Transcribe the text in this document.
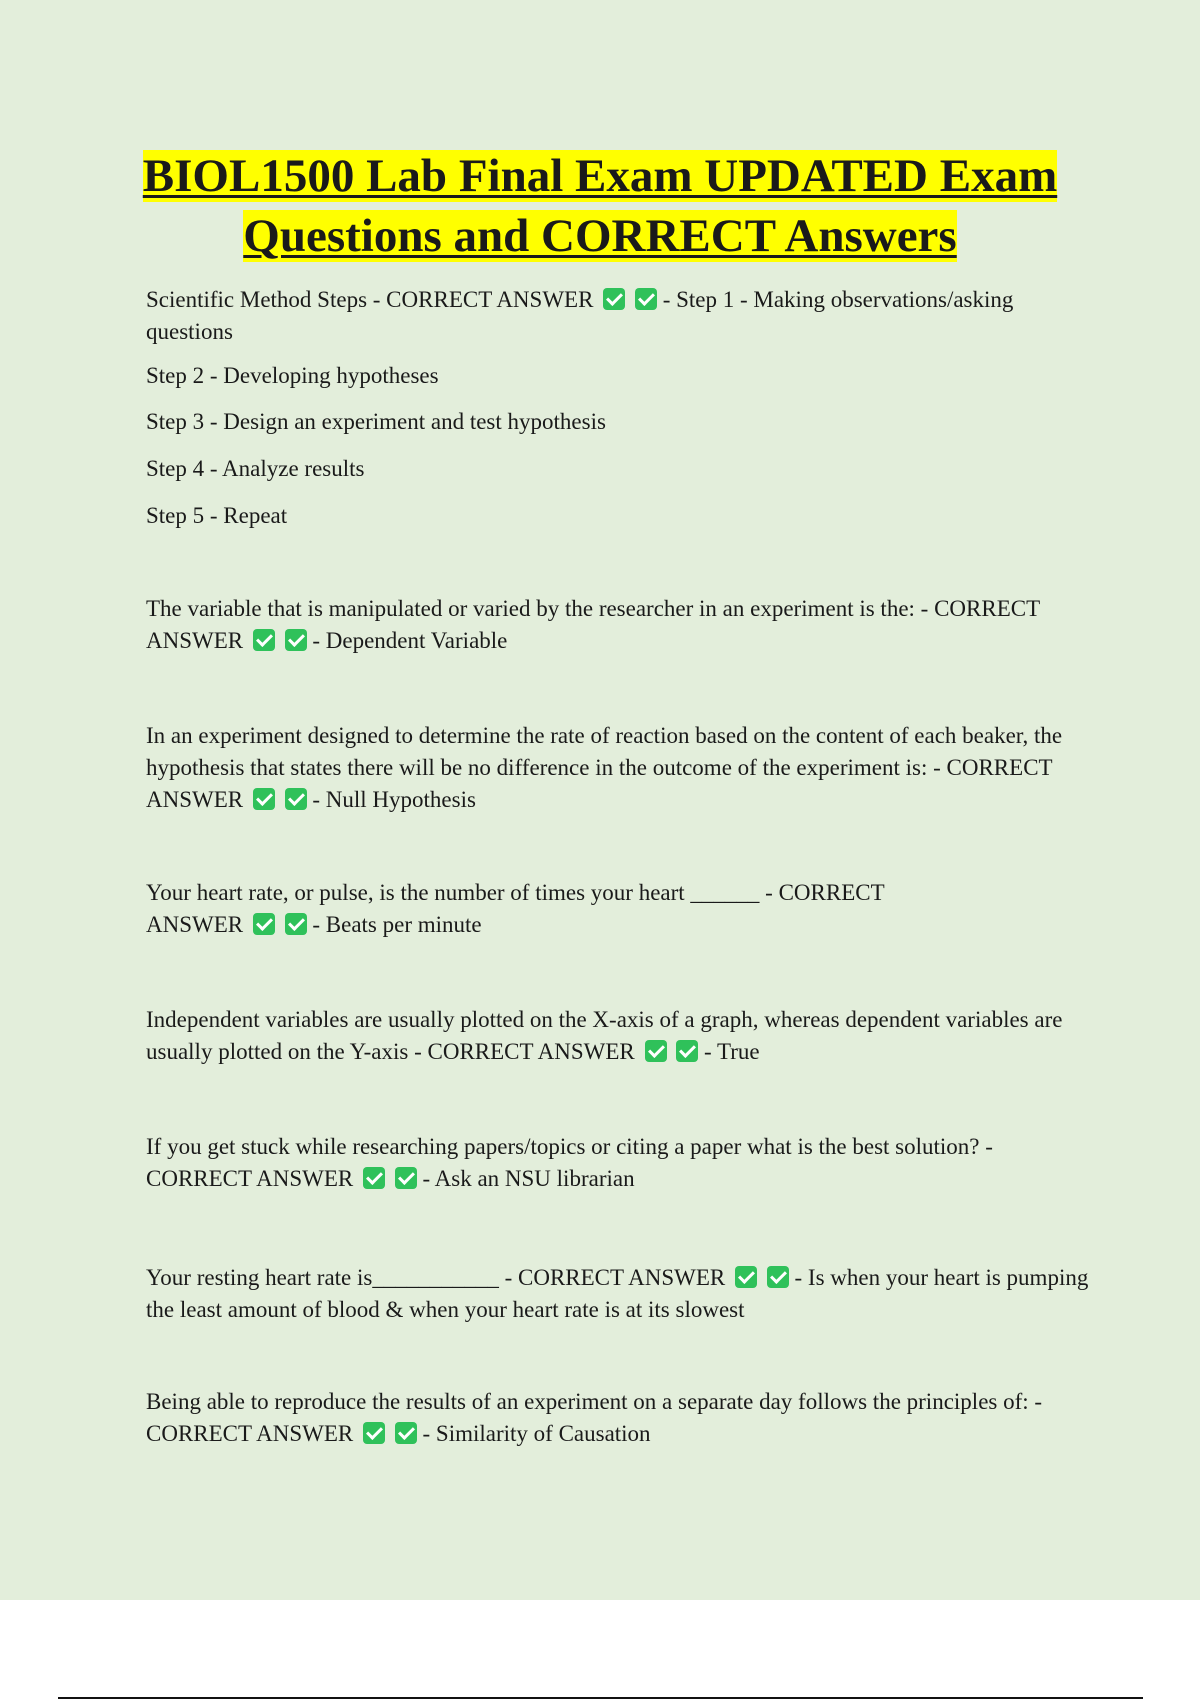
BIOL1500 Lab Final Exam UPDATED Exam Questions and CORRECT Answers

Scientific Method Steps - CORRECT ANSWER	- Step 1 - Making observations/asking questions

Step 2 - Developing hypotheses

Step 3 - Design an experiment and test hypothesis

Step 4 - Analyze results

Step 5 - Repeat

The variable that is manipulated or varied by the researcher in an experiment is the: - CORRECT ANSWER	- Dependent Variable

In an experiment designed to determine the rate of reaction based on the content of each beaker, the hypothesis that states there will be no difference in the outcome of the experiment is: - CORRECT ANSWER	- Null Hypothesis

Your heart rate, or pulse, is the number of times your heart ______ - CORRECT ANSWER	- Beats per minute

Independent variables are usually plotted on the X-axis of a graph, whereas dependent variables are usually plotted on the Y-axis - CORRECT ANSWER	- True

If you get stuck while researching papers/topics or citing a paper what is the best solution? - CORRECT ANSWER	- Ask an NSU librarian

Your resting heart rate is___________ - CORRECT ANSWER	- Is when your heart is pumping the least amount of blood & when your heart rate is at its slowest

Being able to reproduce the results of an experiment on a separate day follows the principles of: - CORRECT ANSWER	- Similarity of Causation
